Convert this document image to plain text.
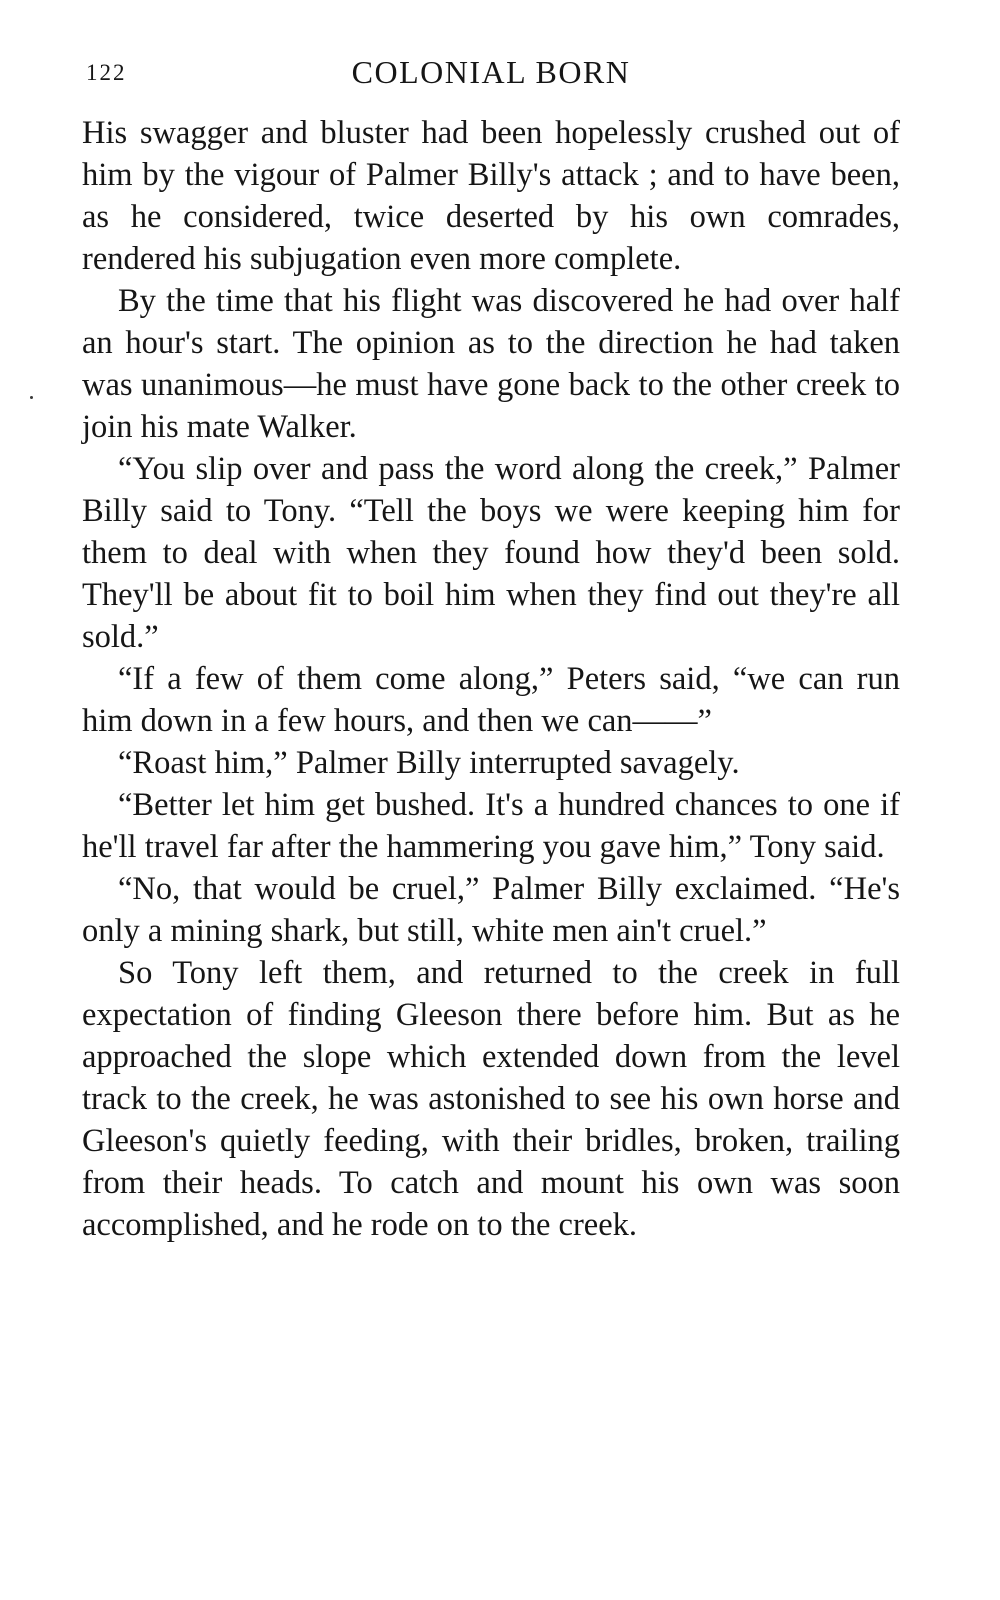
122	COLONIAL BORN

His swagger and bluster had been hopelessly crushed out of him by the vigour of Palmer Billy's attack ; and to have been, as he considered, twice deserted by his own comrades, rendered his subjugation even more complete.

By the time that his flight was discovered he had over half an hour's start. The opinion as to the direction he had taken was unanimous—he must have gone back to the other creek to join his mate Walker.

“You slip over and pass the word along the creek,” Palmer Billy said to Tony. “Tell the boys we were keeping him for them to deal with when they found how they'd been sold. They'll be about fit to boil him when they find out they're all sold.”

“If a few of them come along,” Peters said, “we can run him down in a few hours, and then we can——”

“Roast him,” Palmer Billy interrupted savagely.

“Better let him get bushed. It's a hundred chances to one if he'll travel far after the hammering you gave him,” Tony said.

“No, that would be cruel,” Palmer Billy exclaimed. “He's only a mining shark, but still, white men ain't cruel.”

So Tony left them, and returned to the creek in full expectation of finding Gleeson there before him. But as he approached the slope which extended down from the level track to the creek, he was astonished to see his own horse and Gleeson's quietly feeding, with their bridles, broken, trailing from their heads. To catch and mount his own was soon accomplished, and he rode on to the creek.
